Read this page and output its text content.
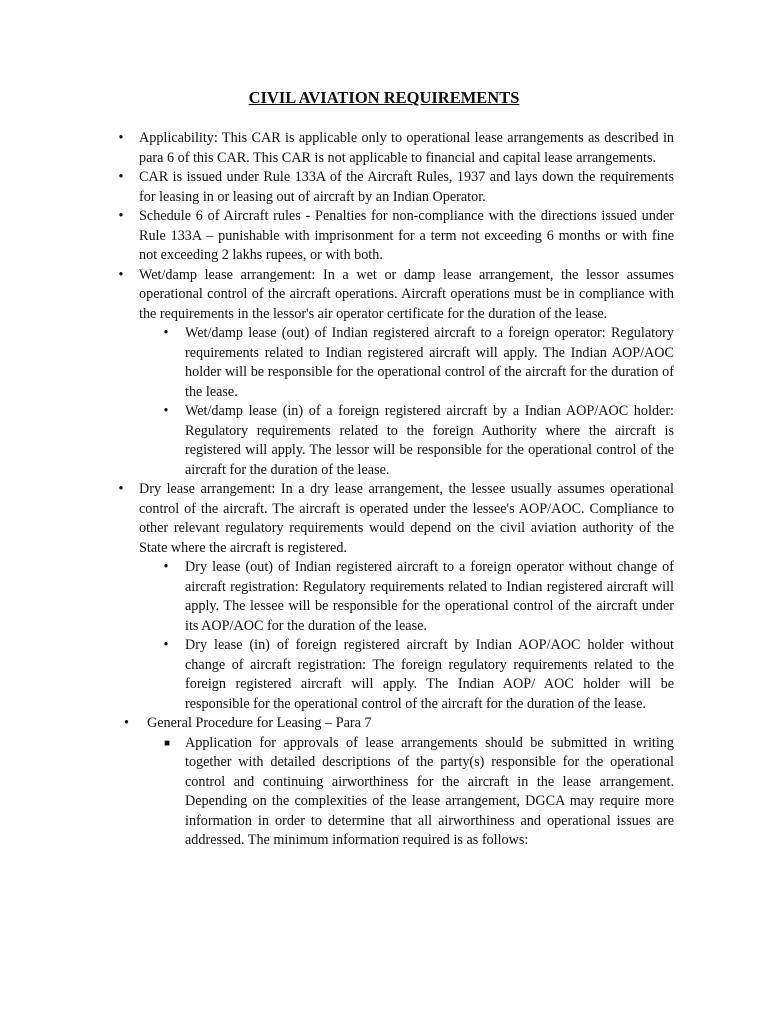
CIVIL AVIATION REQUIREMENTS
• Applicability: This CAR is applicable only to operational lease arrangements as described in para 6 of this CAR. This CAR is not applicable to financial and capital lease arrangements.
• CAR is issued under Rule 133A of the Aircraft Rules, 1937 and lays down the requirements for leasing in or leasing out of aircraft by an Indian Operator.
• Schedule 6 of Aircraft rules - Penalties for non-compliance with the directions issued under Rule 133A – punishable with imprisonment for a term not exceeding 6 months or with fine not exceeding 2 lakhs rupees, or with both.
• Wet/damp lease arrangement: In a wet or damp lease arrangement, the lessor assumes operational control of the aircraft operations. Aircraft operations must be in compliance with the requirements in the lessor's air operator certificate for the duration of the lease.
• Wet/damp lease (out) of Indian registered aircraft to a foreign operator: Regulatory requirements related to Indian registered aircraft will apply. The Indian AOP/AOC holder will be responsible for the operational control of the aircraft for the duration of the lease.
• Wet/damp lease (in) of a foreign registered aircraft by a Indian AOP/AOC holder: Regulatory requirements related to the foreign Authority where the aircraft is registered will apply. The lessor will be responsible for the operational control of the aircraft for the duration of the lease.
• Dry lease arrangement: In a dry lease arrangement, the lessee usually assumes operational control of the aircraft. The aircraft is operated under the lessee's AOP/AOC. Compliance to other relevant regulatory requirements would depend on the civil aviation authority of the State where the aircraft is registered.
• Dry lease (out) of Indian registered aircraft to a foreign operator without change of aircraft registration: Regulatory requirements related to Indian registered aircraft will apply. The lessee will be responsible for the operational control of the aircraft under its AOP/AOC for the duration of the lease.
• Dry lease (in) of foreign registered aircraft by Indian AOP/AOC holder without change of aircraft registration: The foreign regulatory requirements related to the foreign registered aircraft will apply. The Indian AOP/ AOC holder will be responsible for the operational control of the aircraft for the duration of the lease.
• General Procedure for Leasing – Para 7
■ Application for approvals of lease arrangements should be submitted in writing together with detailed descriptions of the party(s) responsible for the operational control and continuing airworthiness for the aircraft in the lease arrangement. Depending on the complexities of the lease arrangement, DGCA may require more information in order to determine that all airworthiness and operational issues are addressed. The minimum information required is as follows:
